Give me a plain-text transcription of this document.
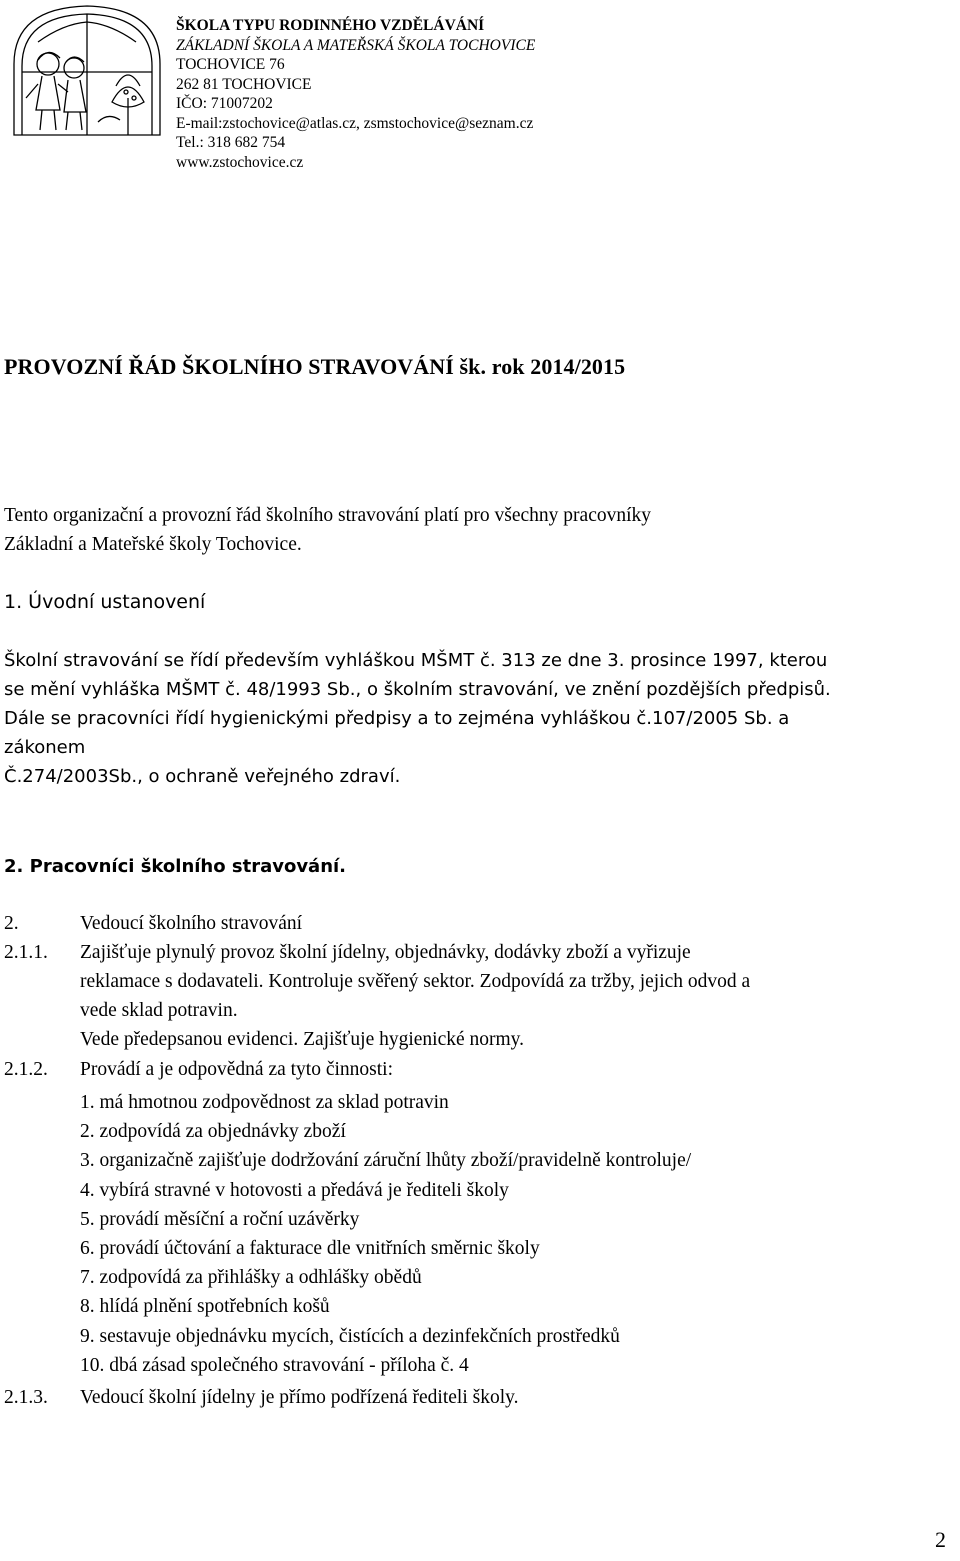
ŠKOLA TYPU RODINNÉHO VZDĚLÁVÁNÍ
ZÁKLADNÍ ŠKOLA A MATEŘSKÁ ŠKOLA TOCHOVICE
TOCHOVICE 76
262 81 TOCHOVICE
IČO: 71007202
E-mail:zstochovice@atlas.cz, zsmstochovice@seznam.cz
Tel.: 318 682 754
www.zstochovice.cz
PROVOZNÍ ŘÁD ŠKOLNÍHO STRAVOVÁNÍ šk. rok 2014/2015
Tento organizační a provozní řád školního stravování platí pro všechny pracovníky
Základní a Mateřské školy Tochovice.
1. Úvodní ustanovení
Školní stravování se řídí především vyhláškou MŠMT č. 313 ze dne 3. prosince 1997, kterou
se mění vyhláška MŠMT č. 48/1993 Sb., o školním stravování, ve znění pozdějších předpisů.
Dále se pracovníci řídí hygienickými předpisy a to zejména vyhláškou č.107/2005 Sb. a
zákonem
Č.274/2003Sb., o ochraně veřejného zdraví.
2. Pracovníci školního stravování.
2.	Vedoucí školního stravování
2.1.1. Zajišťuje plynulý provoz školní jídelny, objednávky, dodávky zboží a vyřizuje
reklamace s dodavateli. Kontroluje svěřený sektor. Zodpovídá za tržby, jejich odvod a
vede sklad potravin.
Vede předepsanou evidenci. Zajišťuje hygienické normy.
2.1.2. Provádí a je odpovědná za tyto činnosti:
1. má hmotnou zodpovědnost za sklad potravin
2. zodpovídá za objednávky zboží
3. organizačně zajišťuje dodržování záruční lhůty zboží/pravidelně kontroluje/
4. vybírá stravné v hotovosti a předává je řediteli školy
5. provádí měsíční a roční uzávěrky
6. provádí účtování a fakturace dle vnitřních směrnic školy
7. zodpovídá za přihlášky a odhlášky obědů
8. hlídá plnění spotřebních košů
9. sestavuje objednávku mycích, čistících a dezinfekčních prostředků
10. dbá zásad společného stravování - příloha č. 4
2.1.3. Vedoucí školní jídelny je přímo podřízená řediteli školy.
2
